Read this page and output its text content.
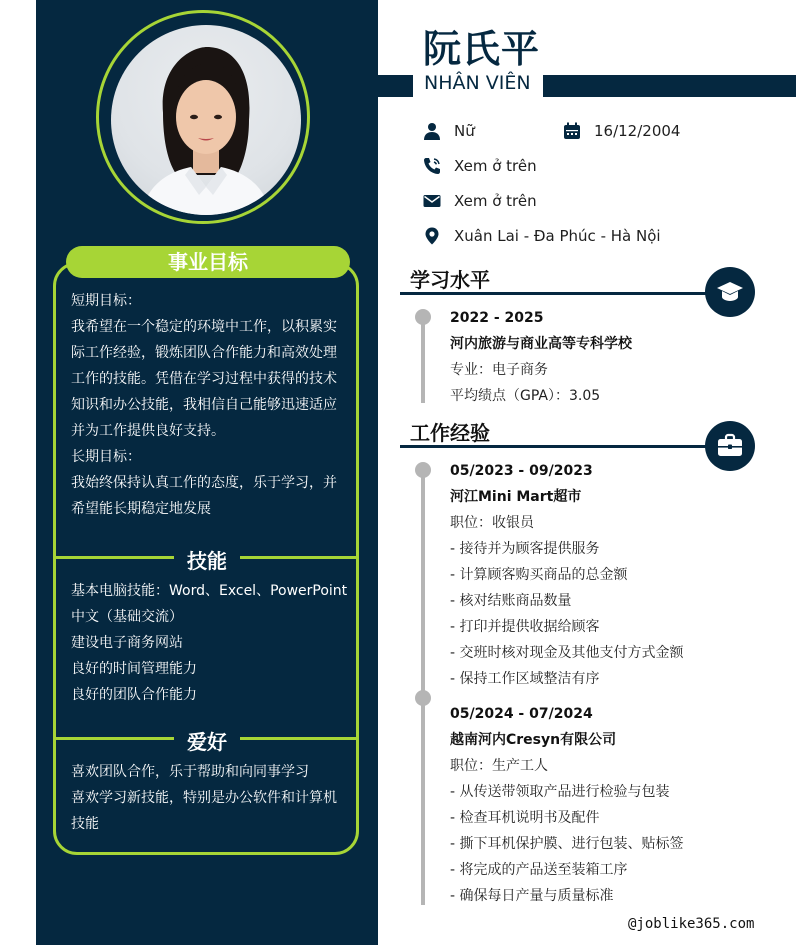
事业目标
短期目标：
我希望在一个稳定的环境中工作，以积累实
际工作经验，锻炼团队合作能力和高效处理
工作的技能。凭借在学习过程中获得的技术
知识和办公技能，我相信自己能够迅速适应
并为工作提供良好支持。
长期目标：
我始终保持认真工作的态度，乐于学习，并
希望能长期稳定地发展
技能
基本电脑技能：Word、Excel、PowerPoint
中文（基础交流）
建设电子商务网站
良好的时间管理能力
良好的团队合作能力
爱好
喜欢团队合作，乐于帮助和向同事学习
喜欢学习新技能，特别是办公软件和计算机
技能
阮氏平
NHÂN VIÊN
Nữ	16/12/2004
Xem ở trên
Xem ở trên
Xuân Lai - Đa Phúc - Hà Nội
学习水平
2022 - 2025
河内旅游与商业高等专科学校
专业：电子商务
平均绩点（GPA）：3.05
工作经验
05/2023 - 09/2023
河江Mini Mart超市
职位：收银员
- 接待并为顾客提供服务
- 计算顾客购买商品的总金额
- 核对结账商品数量
- 打印并提供收据给顾客
- 交班时核对现金及其他支付方式金额
- 保持工作区域整洁有序
05/2024 - 07/2024
越南河内Cresyn有限公司
职位：生产工人
- 从传送带领取产品进行检验与包装
- 检查耳机说明书及配件
- 撕下耳机保护膜、进行包装、贴标签
- 将完成的产品送至装箱工序
- 确保每日产量与质量标准
@joblike365.com
